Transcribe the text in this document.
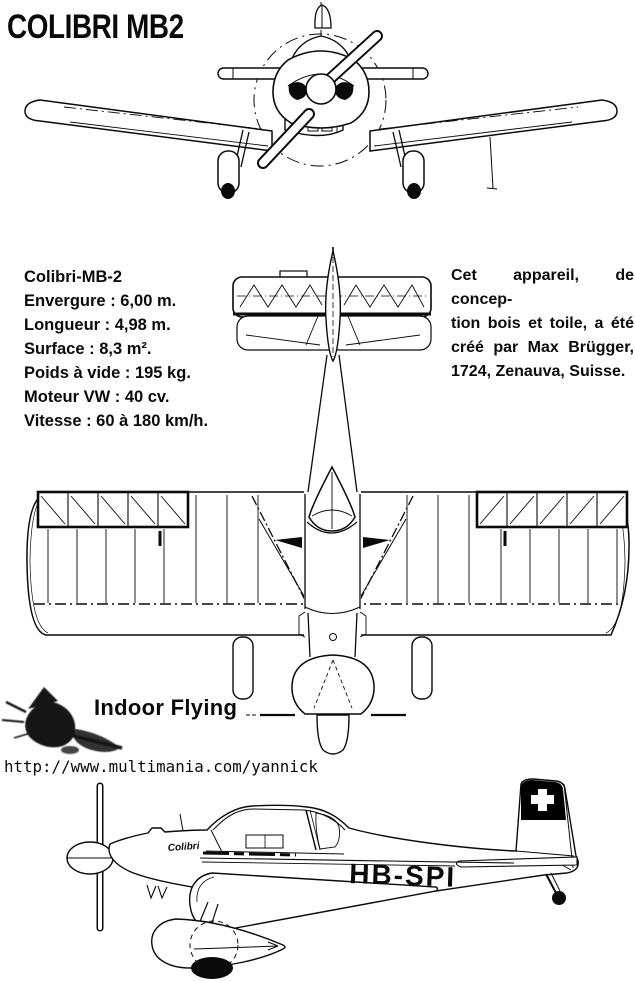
Colibri
HB-SPI
COLIBRI MB2
Colibri-MB-2
Envergure : 6,00 m.
Longueur : 4,98 m.
Surface : 8,3 m².
Poids à vide : 195 kg.
Moteur VW : 40 cv.
Vitesse : 60 à 180 km/h.
Cet appareil, de concep-
tion bois et toile, a été
créé par Max Brügger,
1724, Zenauva, Suisse.
Indoor Flying
http://www.multimania.com/yannick
